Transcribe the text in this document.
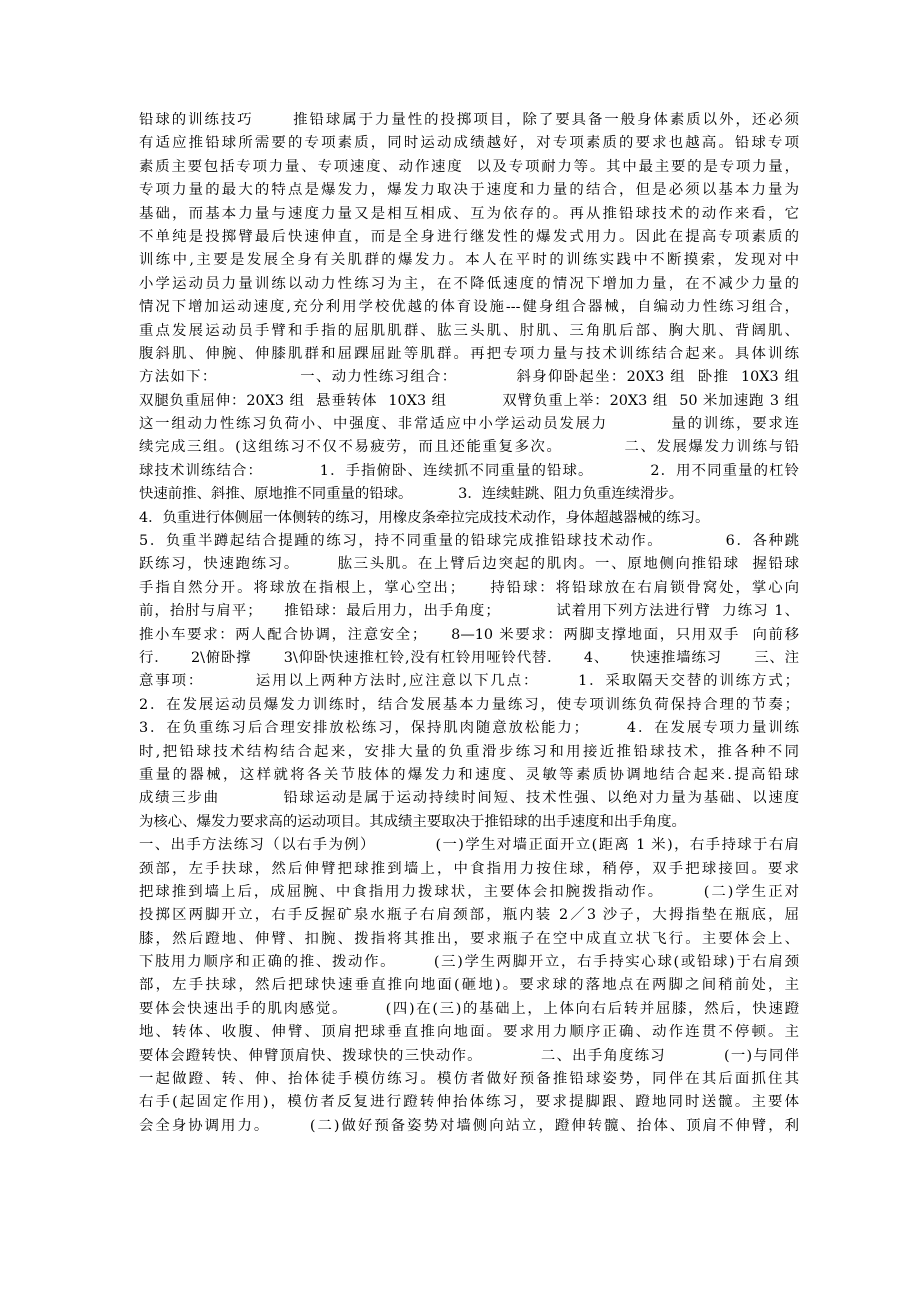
铅球的训练技巧      推铅球属于力量性的投掷项目，除了要具备一般身体素质以外，还必须
有适应推铅球所需要的专项素质，同时运动成绩越好，对专项素质的要求也越高。铅球专项
素质主要包括专项力量、专项速度、动作速度  以及专项耐力等。其中最主要的是专项力量，
专项力量的最大的特点是爆发力，爆发力取决于速度和力量的结合，但是必须以基本力量为
基础，而基本力量与速度力量又是相互相成、互为依存的。再从推铅球技术的动作来看，它
不单纯是投掷臂最后快速伸直，而是全身进行继发性的爆发式用力。因此在提高专项素质的
训练中,主要是发展全身有关肌群的爆发力。本人在平时的训练实践中不断摸索，发现对中
小学运动员力量训练以动力性练习为主，在不降低速度的情况下增加力量，在不减少力量的
情况下增加运动速度,充分利用学校优越的体育设施---健身组合器械，自编动力性练习组合，
重点发展运动员手臂和手指的屈肌肌群、肱三头肌、肘肌、三角肌后部、胸大肌、背阔肌、
腹斜肌、伸腕、伸膝肌群和屈踝屈趾等肌群。再把专项力量与技术训练结合起来。具体训练
方法如下：              一、动力性练习组合：          斜身仰卧起坐：20X3 组  卧推  10X3 组
双腿负重屈伸：20X3 组  悬垂转体  10X3 组          双臂负重上举：20X3 组  50 米加速跑 3 组
这一组动力性练习负荷小、中强度、非常适应中小学运动员发展力          量的训练，要求连
续完成三组。(这组练习不仅不易疲劳，而且还能重复多次。          二、发展爆发力训练与铅
球技术训练结合：          1．手指俯卧、连续抓不同重量的铅球。          2．用不同重量的杠铃
快速前推、斜推、原地推不同重量的铅球。          3．连续蛙跳、阻力负重连续滑步。
4．负重进行体侧屈一体侧转的练习，用橡皮条牵拉完成技术动作，身体超越器械的练习。
5．负重半蹲起结合提踵的练习，持不同重量的铅球完成推铅球技术动作。          6．各种跳
跃练习，快速跑练习。      肱三头肌。在上臂后边突起的肌肉。一、原地侧向推铅球  握铅球
手指自然分开。将球放在指根上，掌心空出；    持铅球：将铅球放在右肩锁骨窝处，掌心向
前，抬肘与肩平；    推铅球：最后用力，出手角度；          试着用下列方法进行臂  力练习 1、
推小车要求：两人配合协调，注意安全；    8—10 米要求：两脚支撑地面，只用双手  向前移
行．    2\俯卧撑      3\仰卧快速推杠铃,没有杠铃用哑铃代替．    4、    快速推墙练习      三、注
意事项：        运用以上两种方法时,应注意以下几点：      1．采取隔天交替的训练方式；
2．在发展运动员爆发力训练时，结合发展基本力量练习，使专项训练负荷保持合理的节奏；
3．在负重练习后合理安排放松练习，保持肌肉随意放松能力；      4．在发展专项力量训练
时,把铅球技术结构结合起来，安排大量的负重滑步练习和用接近推铅球技术，推各种不同
重量的器械，这样就将各关节肢体的爆发力和速度、灵敏等素质协调地结合起来.提高铅球
成绩三步曲          铅球运动是属于运动持续时间短、技术性强、以绝对力量为基础、以速度
为核心、爆发力要求高的运动项目。其成绩主要取决于推铅球的出手速度和出手角度。
一、出手方法练习（以右手为例）          (一)学生对墙正面开立(距离 1 米)，右手持球于右肩
颈部，左手扶球，然后伸臂把球推到墙上，中食指用力按住球，稍停，双手把球接回。要求
把球推到墙上后，成屈腕、中食指用力拨球状，主要体会扣腕拨指动作。      (二)学生正对
投掷区两脚开立，右手反握矿泉水瓶子右肩颈部，瓶内装 2／3 沙子，大拇指垫在瓶底，屈
膝，然后蹬地、伸臂、扣腕、拨指将其推出，要求瓶子在空中成直立状飞行。主要体会上、
下肢用力顺序和正确的推、拨动作。      (三)学生两脚开立，右手持实心球(或铅球)于右肩颈
部，左手扶球，然后把球快速垂直推向地面(砸地)。要求球的落地点在两脚之间稍前处，主
要体会快速出手的肌肉感觉。      (四)在(三)的基础上，上体向右后转并屈膝，然后，快速蹬
地、转体、收腹、伸臂、顶肩把球垂直推向地面。要求用力顺序正确、动作连贯不停顿。主
要体会蹬转快、伸臂顶肩快、拨球快的三快动作。          二、出手角度练习          (一)与同伴
一起做蹬、转、伸、抬体徒手模仿练习。模仿者做好预备推铅球姿势，同伴在其后面抓住其
右手(起固定作用)，模仿者反复进行蹬转伸抬体练习，要求提脚跟、蹬地同时送髋。主要体
会全身协调用力。      (二)做好预备姿势对墙侧向站立，蹬伸转髋、抬体、顶肩不伸臂，利
